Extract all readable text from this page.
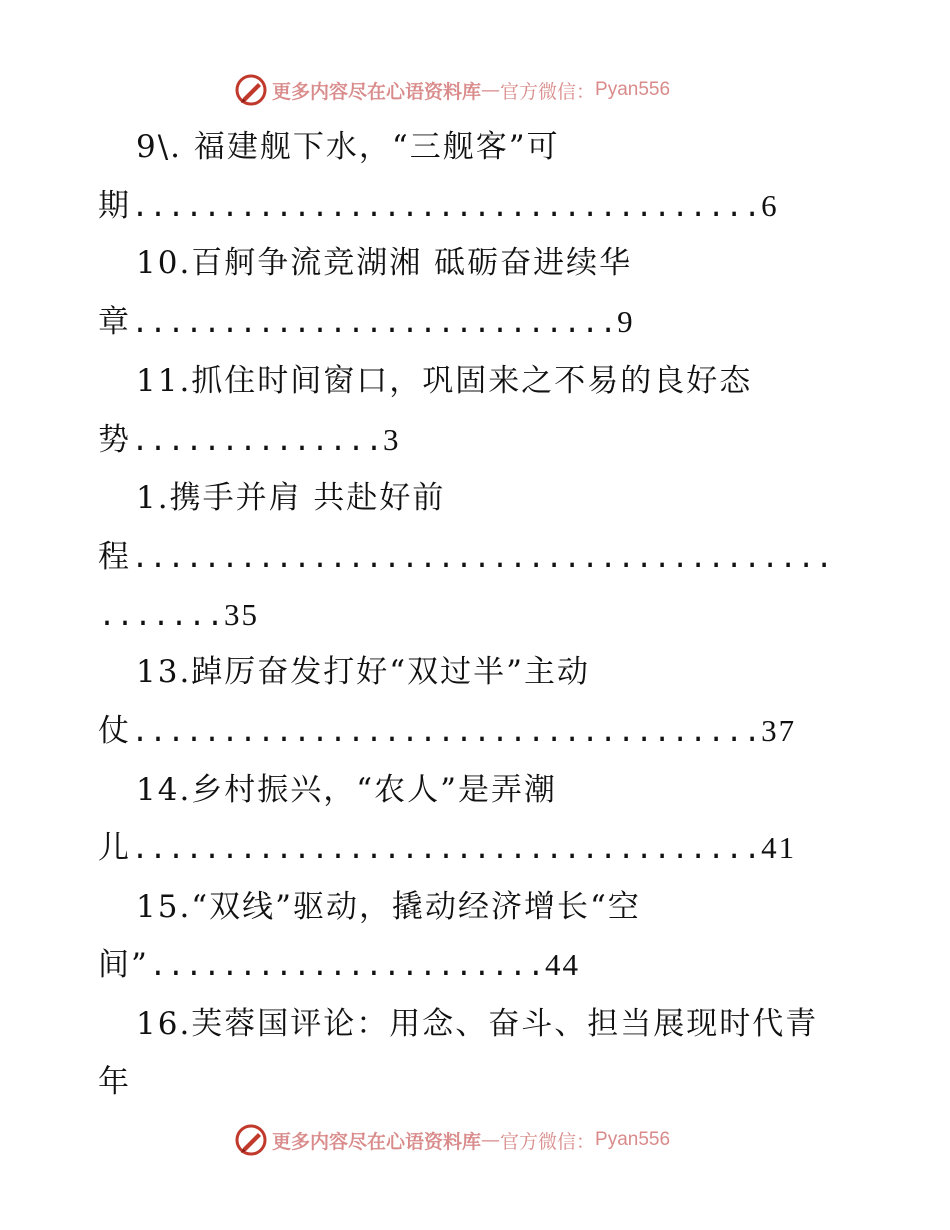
更多内容尽在心语资料库 — 官方微信： Pyan556
9\. 福建舰下水，“三舰客”可
期...................................6
10.百舸争流竞湖湘 砥砺奋进续华
章...........................9
11.抓住时间窗口，巩固来之不易的良好态
势..............3
1.携手并肩 共赴好前
程.......................................
.......35
13.踔厉奋发打好“双过半”主动
仗...................................37
14.乡村振兴，“农人”是弄潮
儿...................................41
15.“双线”驱动，撬动经济增长“空
间”......................44
16.芙蓉国评论：用念、奋斗、担当展现时代青
年
更多内容尽在心语资料库 — 官方微信： Pyan556
